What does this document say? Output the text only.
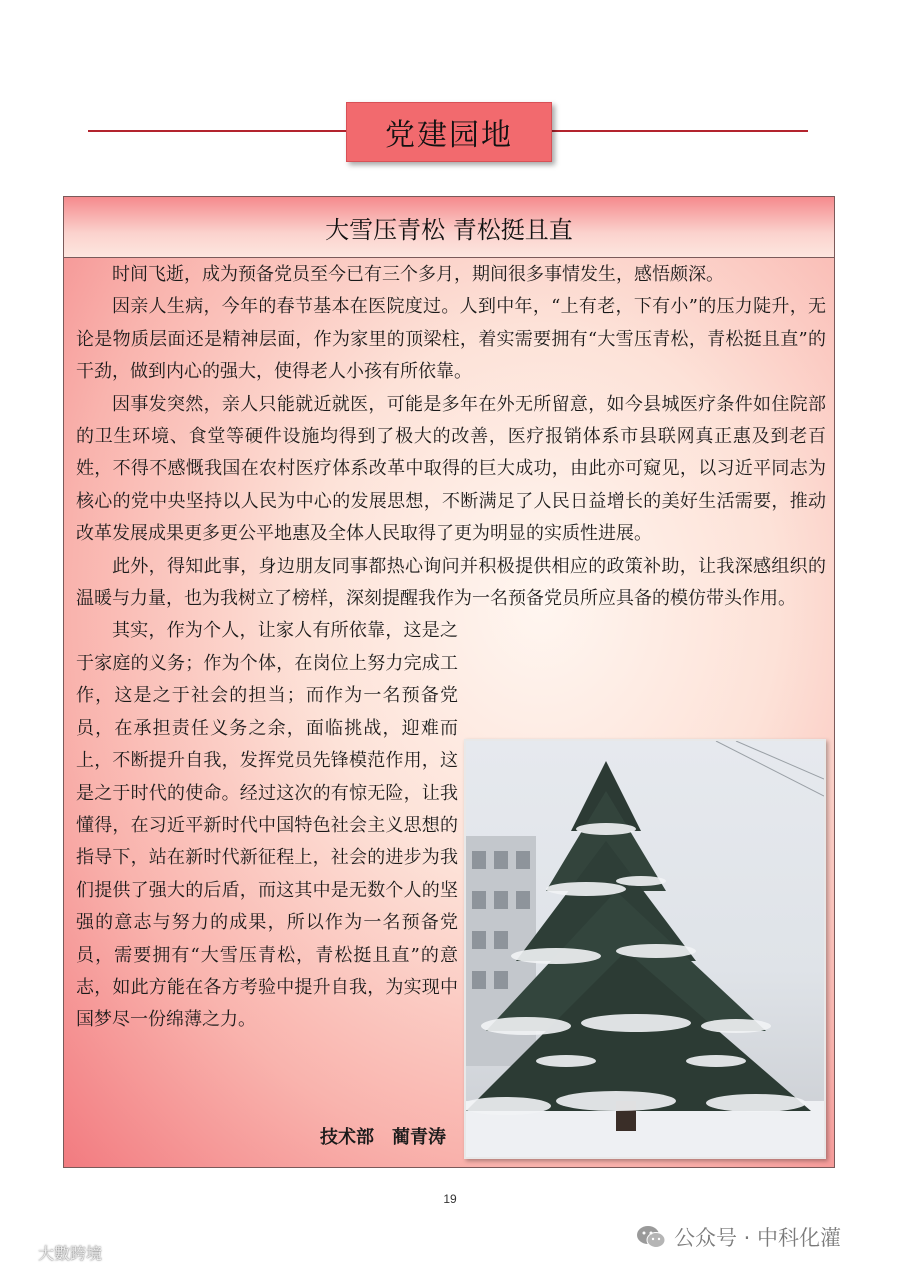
党建园地
大雪压青松 青松挺且直

时间飞逝，成为预备党员至今已有三个多月，期间很多事情发生，感悟颇深。

因亲人生病，今年的春节基本在医院度过。人到中年，“上有老，下有小”的压力陡升，无论是物质层面还是精神层面，作为家里的顶梁柱，着实需要拥有“大雪压青松，青松挺且直”的干劲，做到内心的强大，使得老人小孩有所依靠。

因事发突然，亲人只能就近就医，可能是多年在外无所留意，如今县城医疗条件如住院部的卫生环境、食堂等硬件设施均得到了极大的改善，医疗报销体系市县联网真正惠及到老百姓，不得不感慨我国在农村医疗体系改革中取得的巨大成功，由此亦可窥见，以习近平同志为核心的党中央坚持以人民为中心的发展思想，不断满足了人民日益增长的美好生活需要，推动改革发展成果更多更公平地惠及全体人民取得了更为明显的实质性进展。

此外，得知此事，身边朋友同事都热心询问并积极提供相应的政策补助，让我深感组织的温暖与力量，也为我树立了榜样，深刻提醒我作为一名预备党员所应具备的模仿带头作用。

其实，作为个人，让家人有所依靠，这是之于家庭的义务；作为个体，在岗位上努力完成工作，这是之于社会的担当；而作为一名预备党员，在承担责任义务之余，面临挑战，迎难而上，不断提升自我，发挥党员先锋模范作用，这是之于时代的使命。经过这次的有惊无险，让我懂得，在习近平新时代中国特色社会主义思想的指导下，站在新时代新征程上，社会的进步为我们提供了强大的后盾，而这其中是无数个人的坚强的意志与努力的成果，所以作为一名预备党员，需要拥有“大雪压青松，青松挺且直”的意志，如此方能在各方考验中提升自我，为实现中国梦尽一份绵薄之力。

技术部　蔺青涛
19
公众号 · 中科化灌
大數跨境
